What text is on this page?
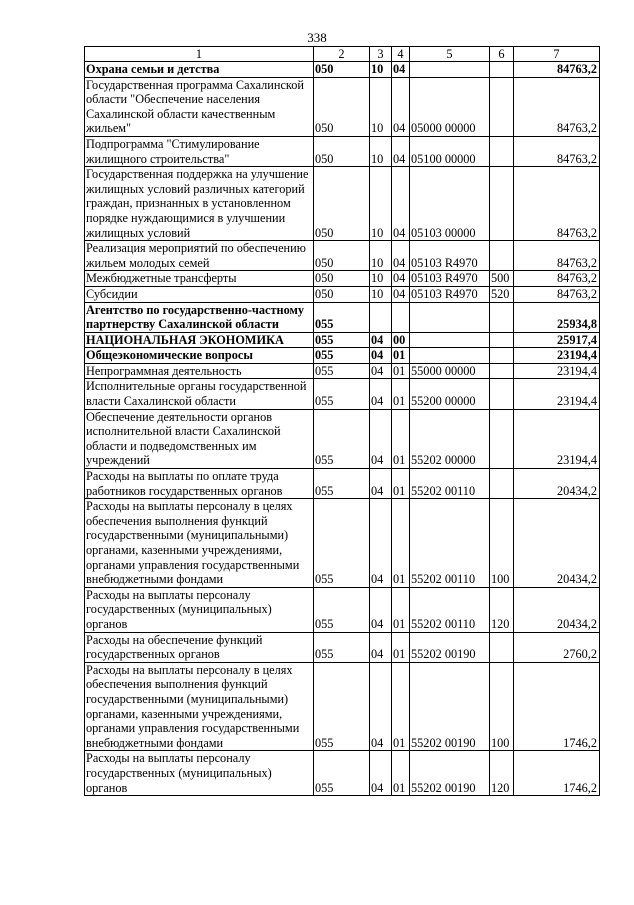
338
1	2	3	4	5	6	7
Охрана семьи и детства	050	10	04			84763,2
Государственная программа Сахалинской области "Обеспечение населения Сахалинской области качественным жильем"	050	10	04	05000 00000		84763,2
Подпрограмма "Стимулирование жилищного строительства"	050	10	04	05100 00000		84763,2
Государственная поддержка на улучшение жилищных условий различных категорий граждан, признанных в установленном порядке нуждающимися в улучшении жилищных условий	050	10	04	05103 00000		84763,2
Реализация мероприятий по обеспечению жильем молодых семей	050	10	04	05103 R4970		84763,2
Межбюджетные трансферты	050	10	04	05103 R4970	500	84763,2
Субсидии	050	10	04	05103 R4970	520	84763,2
Агентство по государственно-частному партнерству Сахалинской области	055					25934,8
НАЦИОНАЛЬНАЯ ЭКОНОМИКА	055	04	00			25917,4
Общеэкономические вопросы	055	04	01			23194,4
Непрограммная деятельность	055	04	01	55000 00000		23194,4
Исполнительные органы государственной власти Сахалинской области	055	04	01	55200 00000		23194,4
Обеспечение деятельности органов исполнительной власти Сахалинской области и подведомственных им учреждений	055	04	01	55202 00000		23194,4
Расходы на выплаты по оплате труда работников государственных органов	055	04	01	55202 00110		20434,2
Расходы на выплаты персоналу в целях обеспечения выполнения функций государственными (муниципальными) органами, казенными учреждениями, органами управления государственными внебюджетными фондами	055	04	01	55202 00110	100	20434,2
Расходы на выплаты персоналу государственных (муниципальных) органов	055	04	01	55202 00110	120	20434,2
Расходы на обеспечение функций государственных органов	055	04	01	55202 00190		2760,2
Расходы на выплаты персоналу в целях обеспечения выполнения функций государственными (муниципальными) органами, казенными учреждениями, органами управления государственными внебюджетными фондами	055	04	01	55202 00190	100	1746,2
Расходы на выплаты персоналу государственных (муниципальных) органов	055	04	01	55202 00190	120	1746,2
